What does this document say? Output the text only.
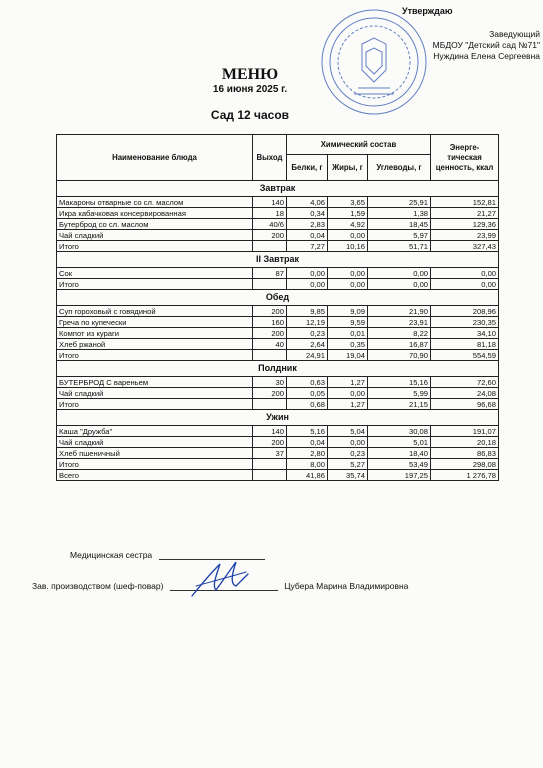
Утверждаю
Заведующий
МБДОУ "Детский сад №71"
Нуждина Елена Сергеевна
МЕНЮ
16 июня 2025 г.
Сад 12 часов
Наименование блюда	Выход	Химический состав			Энерге- тическая ценность, ккал
		Белки, г	Жиры, г	Углеводы, г	
Завтрак					
Макароны отварные со сл. маслом	140	4,06	3,65	25,91	152,81
Икра кабачковая консервированная	18	0,34	1,59	1,38	21,27
Бутерброд со сл. маслом	40/6	2,83	4,92	18,45	129,36
Чай сладкий	200	0,04	0,00	5,97	23,99
Итого		7,27	10,16	51,71	327,43
II Завтрак					
Сок	87	0,00	0,00	0,00	0,00
Итого		0,00	0,00	0,00	0,00
Обед					
Суп гороховый с говядиной	200	9,85	9,09	21,90	208,96
Греча по купечески	160	12,19	9,59	23,91	230,35
Компот из кураги	200	0,23	0,01	8,22	34,10
Хлеб ржаной	40	2,64	0,35	16,87	81,18
Итого		24,91	19,04	70,90	554,59
Полдник					
БУТЕРБРОД С вареньем	30	0,63	1,27	15,16	72,60
Чай сладкий	200	0,05	0,00	5,99	24,08
Итого		0,68	1,27	21,15	96,68
Ужин					
Каша "Дружба"	140	5,16	5,04	30,08	191,07
Чай сладкий	200	0,04	0,00	5,01	20,18
Хлеб пшеничный	37	2,80	0,23	18,40	86,83
Итого		8,00	5,27	53,49	298,08
Всего		41,86	35,74	197,25	1 276,78
Медицинская сестра
Зав. производством (шеф-повар)	Цубера Марина Владимировна
